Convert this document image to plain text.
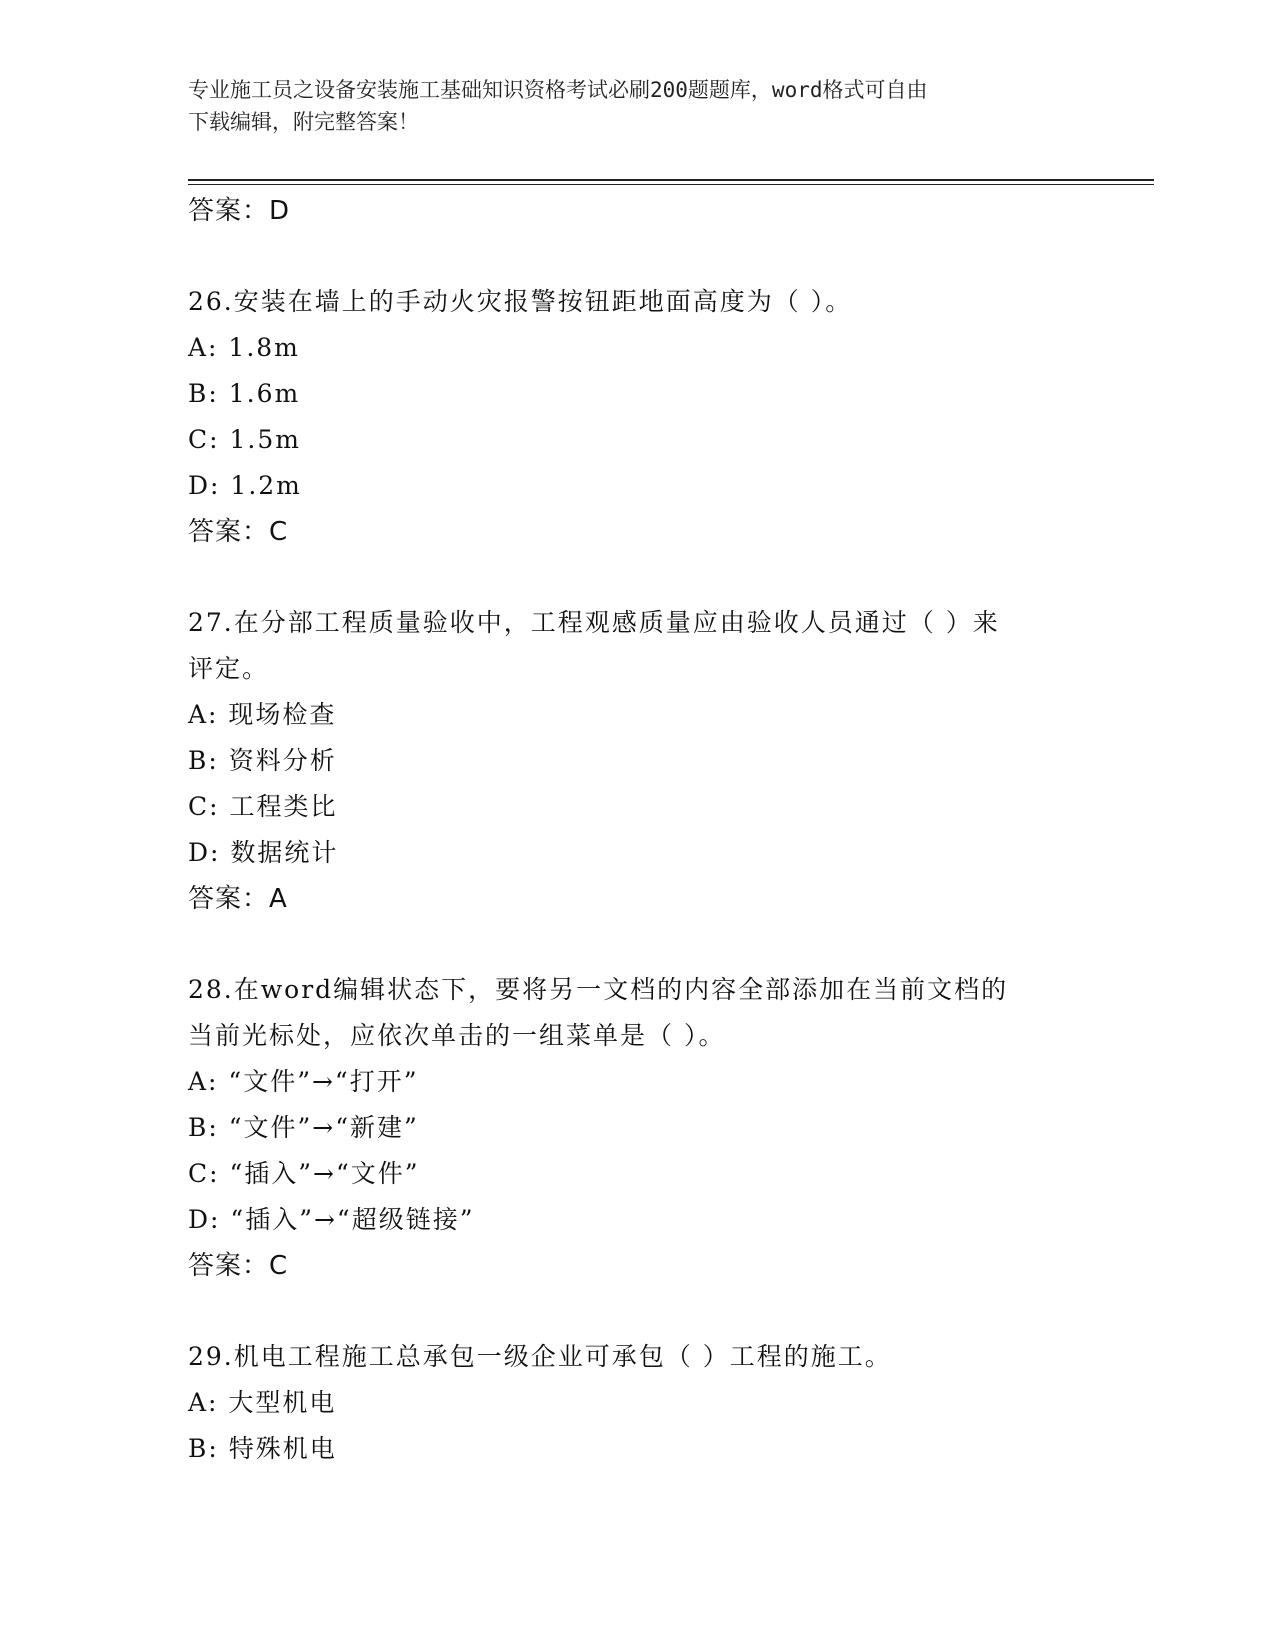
专业施工员之设备安装施工基础知识资格考试必刷200题题库，word格式可自由
下载编辑，附完整答案！
答案：D
26.安装在墙上的手动火灾报警按钮距地面高度为（ ）。
A: 1.8m
B: 1.6m
C: 1.5m
D: 1.2m
答案：C
27.在分部工程质量验收中，工程观感质量应由验收人员通过（ ）来
评定。
A: 现场检查
B: 资料分析
C: 工程类比
D: 数据统计
答案：A
28.在word编辑状态下，要将另一文档的内容全部添加在当前文档的
当前光标处，应依次单击的一组菜单是（ ）。
A: “文件”→“打开”
B: “文件”→“新建”
C: “插入”→“文件”
D: “插入”→“超级链接”
答案：C
29.机电工程施工总承包一级企业可承包（ ）工程的施工。
A: 大型机电
B: 特殊机电
